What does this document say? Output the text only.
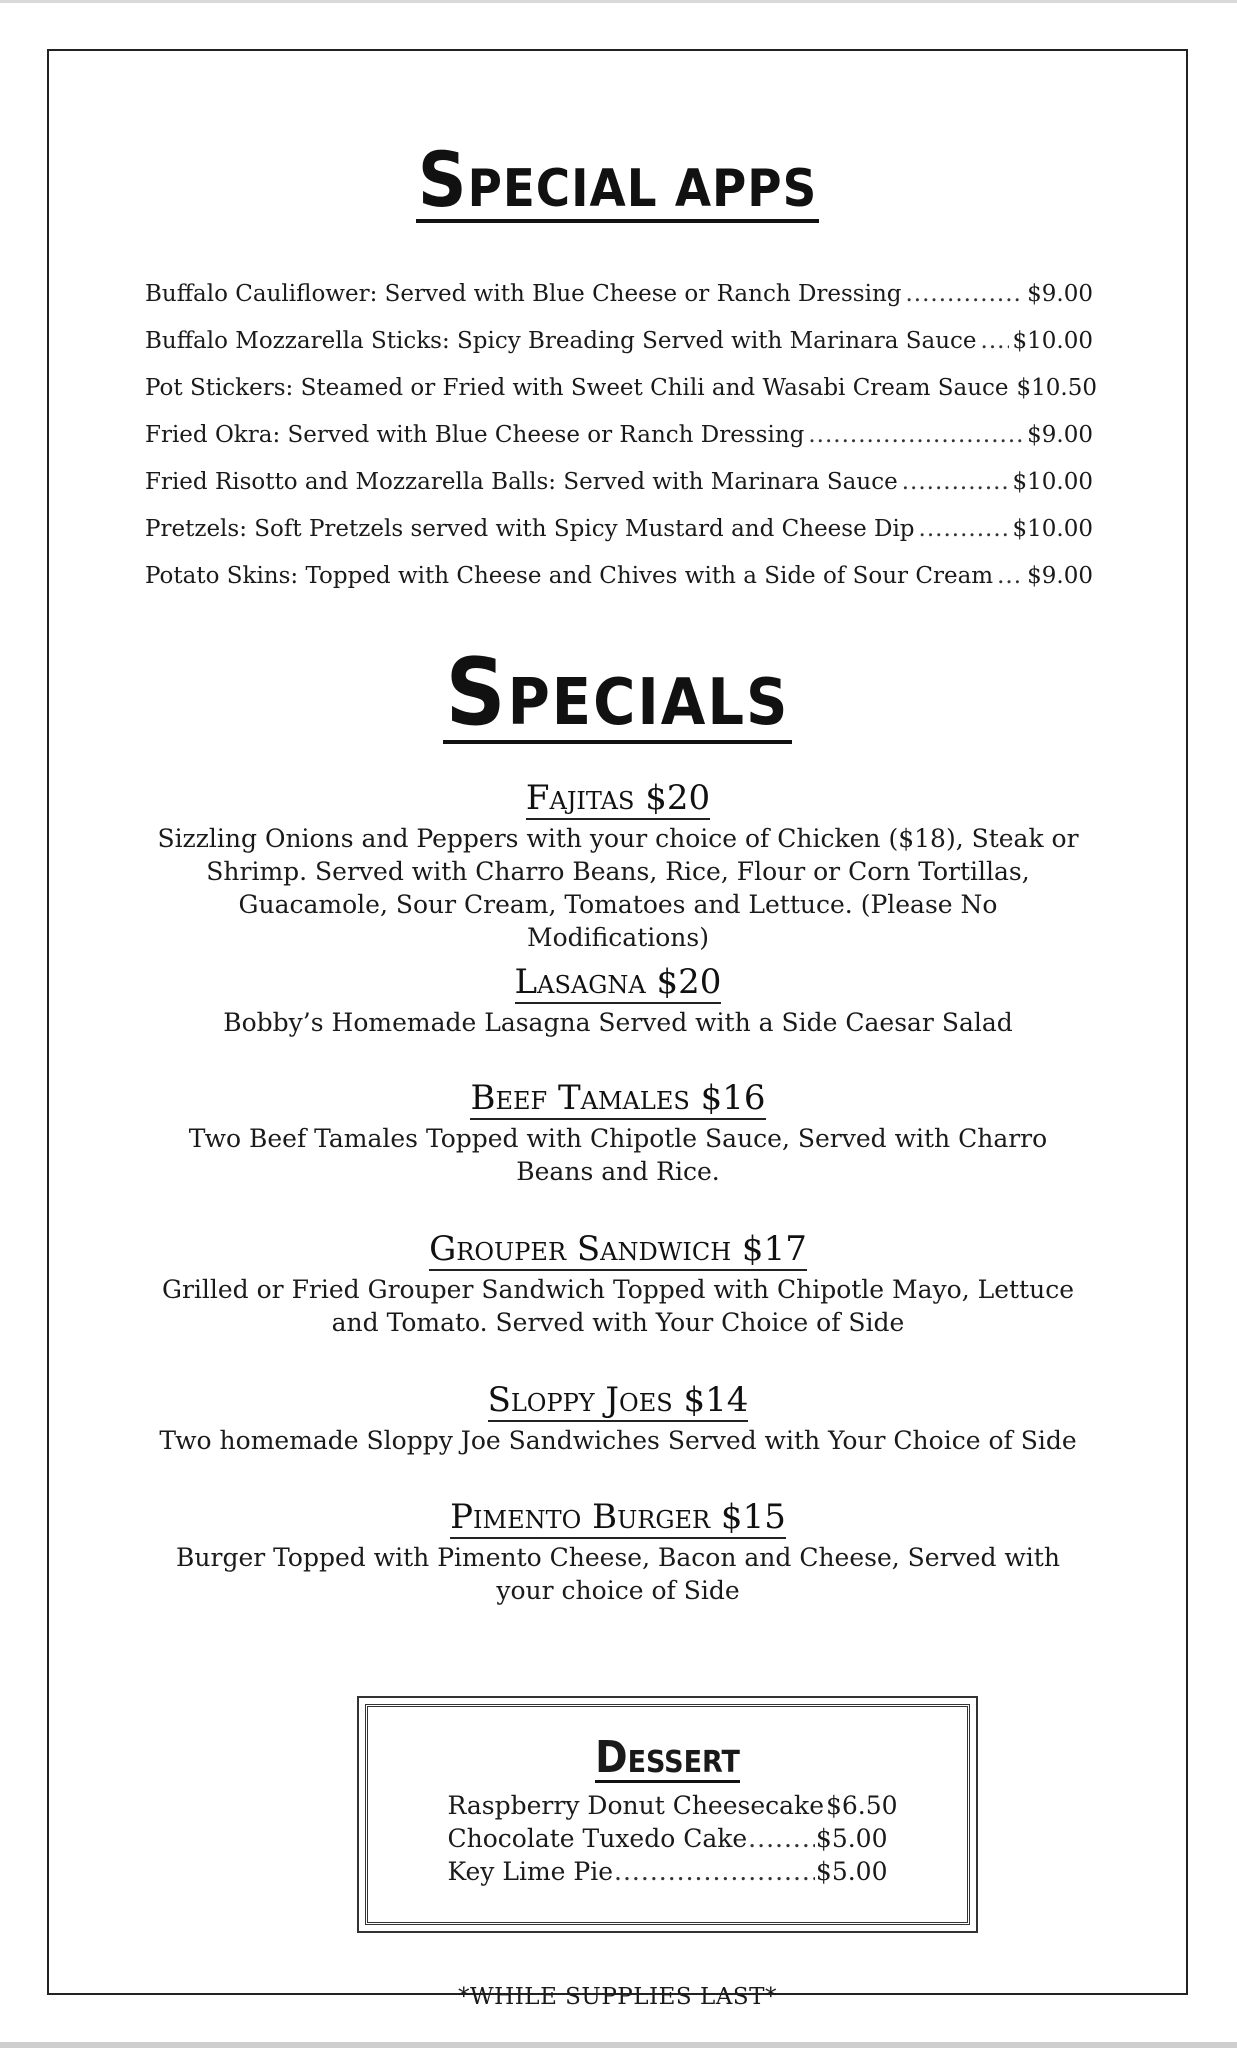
SPECIAL APPS
Buffalo Cauliflower: Served with Blue Cheese or Ranch Dressing .....	$9.00
Buffalo Mozzarella Sticks: Spicy Breading Served with Marinara Sauce ..... $10.00
Pot Stickers: Steamed or Fried with Sweet Chili and Wasabi Cream Sauce $10.50
Fried Okra: Served with Blue Cheese or Ranch Dressing .....	$9.00
Fried Risotto and Mozzarella Balls: Served with Marinara Sauce .....	$10.00
Pretzels: Soft Pretzels served with Spicy Mustard and Cheese Dip .....	$10.00
Potato Skins: Topped with Cheese and Chives with a Side of Sour Cream ..... $9.00
SPECIALS
Fajitas $20
Sizzling Onions and Peppers with your choice of Chicken ($18), Steak or Shrimp. Served with Charro Beans, Rice, Flour or Corn Tortillas, Guacamole, Sour Cream, Tomatoes and Lettuce. (Please No Modifications)
Lasagna $20
Bobby’s Homemade Lasagna Served with a Side Caesar Salad
Beef Tamales $16
Two Beef Tamales Topped with Chipotle Sauce, Served with Charro Beans and Rice.
Grouper Sandwich $17
Grilled or Fried Grouper Sandwich Topped with Chipotle Mayo, Lettuce and Tomato. Served with Your Choice of Side
Sloppy Joes $14
Two homemade Sloppy Joe Sandwiches Served with Your Choice of Side
Pimento Burger $15
Burger Topped with Pimento Cheese, Bacon and Cheese, Served with your choice of Side
DESSERT
Raspberry Donut Cheesecake $6.50
Chocolate Tuxedo Cake .....	$5.00
Key Lime Pie .....	$5.00
*WHILE SUPPLIES LAST*
